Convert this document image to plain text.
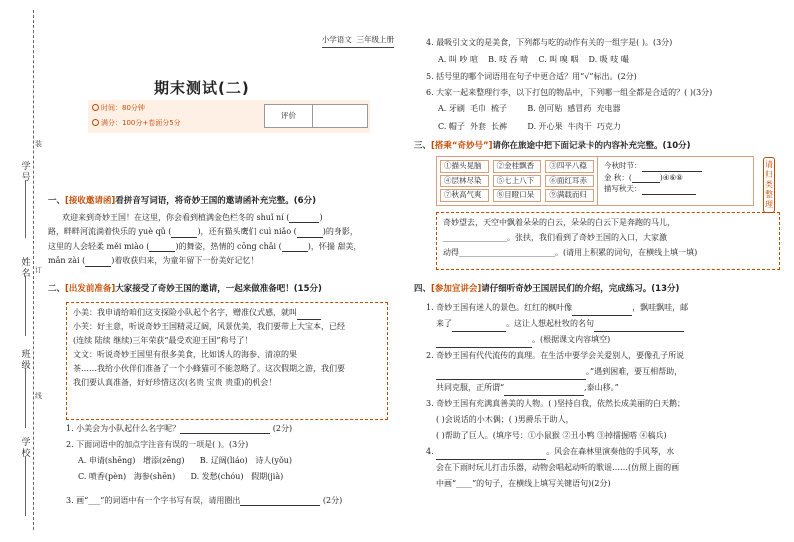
学号
姓名
班级
学校
装
订
线
小学语文 三年级上册
期末测试(二)
时间：80分钟
满分：100分+卷面分5分
评价
一、[接收邀请函]看拼音写词语，将奇妙王国的邀请函补充完整。(6分)
欢迎来到奇妙王国！在这里，你会看到植满金色栏冬的 shuǐ ní (	)
路，畔畔河流淌着快乐的 yuè qǔ (	)，还有猫头鹰们 cuì niǎo (	)的身影，
这里的人会轻柔 měi miào (	)的舞姿，热情的 cōng chǎi (	)，怀揣 甜美，
mǎn zài (	)着收获归来，为童年留下一份美好记忆！
二、[出发前准备]大家接受了奇妙王国的邀请，一起来做准备吧！(15分)
小美：我申请给咱们这支探险小队起个名字，赠准仪式感，就叫
小芙：好主意，听说奇妙王国精灵辽阔，风景优美，我们要带上大宝本，已经
(连续 陆续 继续)三年荣获“最受欢迎王国”称号了！
文文：听说奇妙王国里有很多美食，比如诱人的海参、清凉的果
茶……我给小伙伴们准备了一个小蜂猫可不能忽略了。这次假期之游，我们要
我们要认真准备，好好珍惜这次(名贵 宝贵 贵重)的机会！
1. 小美会为小队起什么名字呢？	(2分)
2. 下面词语中的加点字注音有误的一项是( )。(3分)
A. 申请(shēng) 增添(zēng) B. 辽阔(liáo) 诗人(yǒu)
C. 喷香(pèn) 海参(shēn) D. 发愁(chóu) 假期(jià)
3. 画“___”的词语中有一个字书写有误，请用圈出	(2分)
4. 最吸引文文的是美食，下列都与吃的动作有关的一组字是( )。(3分)
A. 叫 吵 喧    B. 吱 吞 啃    C. 叫 嗅 咽    D. 吸 吱 嘬
5. 括号里的哪个词语用在句子中更合适？用“√”标出。(2分)
6. 大家一起来整理行李，以下打包的物品中，下列哪一组全都是合适的？( )(3分)
A. 牙刷  毛巾  梳子        B. 创可贴  感冒药  充电器
C. 帽子  外套  长裤        D. 开心果  牛肉干  巧克力
三、[搭乘“奇妙号”]请你在旅途中把下面记录卡的内容补充完整。(10分)
①描头晃脑	②金桂飘香	③四平八稳
④层林尽染	⑤七上八下	⑥面红耳赤
⑦秋高气爽	⑧目瞪口呆	⑨满载而归
今秋时节：
金 秋：(	)④⑥⑧
描写秋天：
请归类整理
奇妙望去，天空中飘着朵朵的白云，朵朵的白云下是奔跑的马儿，
________________。张扶，我们看到了奇妙王国的入口，大家激
动得________________________。(请用上积累的词句，在横线上填一填)
四、[参加宣讲会]请仔细听奇妙王国居民们的介绍，完成练习。(13分)
1. 奇妙王国有迷人的景色。红红的枫叶像	，飘哇飘哇，邮
来了	。这让人想起杜牧的名句
。(根据课文内容填空)
2. 奇妙王国有代代流传的真理。在生活中要学会关爱别人，要像孔子所说
。”遇到困难，要互相帮助，
共同克服，正所谓“	,泰山移。”
3. 奇妙王国有充满真善美的人物。( )坚持自我，依然长成美丽的白天鹅；
( )会说话的小木偶；( )男爵乐于助人，
( )帮助了巨人。(填序号：①小鼠猴 ②丑小鸭 ③掉擂掘嗒 ④稿兵)
4.	。风会在森林里演奏他的手风琴，水
会在下雨时玩儿打击乐器，动物会唱起动听的歌谣……(仿照上面的画
中画“____”的句子，在横线上填写关键语句)(2分)
